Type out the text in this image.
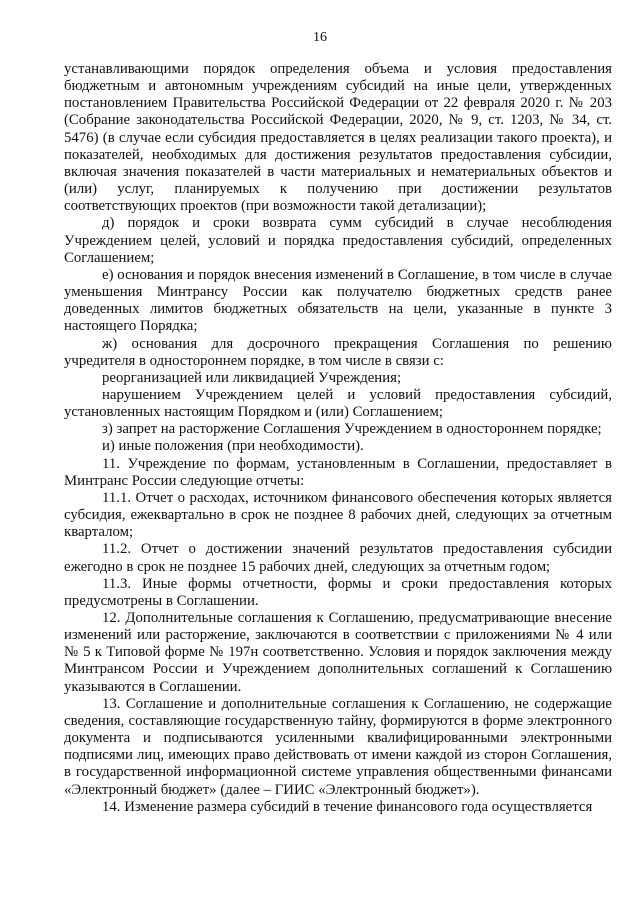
16

устанавливающими порядок определения объема и условия предоставления бюджетным и автономным учреждениям субсидий на иные цели, утвержденных постановлением Правительства Российской Федерации от 22 февраля 2020 г. № 203 (Собрание законодательства Российской Федерации, 2020, № 9, ст. 1203, № 34, ст. 5476) (в случае если субсидия предоставляется в целях реализации такого проекта), и показателей, необходимых для достижения результатов предоставления субсидии, включая значения показателей в части материальных и нематериальных объектов и (или) услуг, планируемых к получению при достижении результатов соответствующих проектов (при возможности такой детализации);

д) порядок и сроки возврата сумм субсидий в случае несоблюдения Учреждением целей, условий и порядка предоставления субсидий, определенных Соглашением;

е) основания и порядок внесения изменений в Соглашение, в том числе в случае уменьшения Минтрансу России как получателю бюджетных средств ранее доведенных лимитов бюджетных обязательств на цели, указанные в пункте 3 настоящего Порядка;

ж) основания для досрочного прекращения Соглашения по решению учредителя в одностороннем порядке, в том числе в связи с:

реорганизацией или ликвидацией Учреждения;

нарушением Учреждением целей и условий предоставления субсидий, установленных настоящим Порядком и (или) Соглашением;

з) запрет на расторжение Соглашения Учреждением в одностороннем порядке;

и) иные положения (при необходимости).

11. Учреждение по формам, установленным в Соглашении, предоставляет в Минтранс России следующие отчеты:

11.1. Отчет о расходах, источником финансового обеспечения которых является субсидия, ежеквартально в срок не позднее 8 рабочих дней, следующих за отчетным кварталом;

11.2. Отчет о достижении значений результатов предоставления субсидии ежегодно в срок не позднее 15 рабочих дней, следующих за отчетным годом;

11.3. Иные формы отчетности, формы и сроки предоставления которых предусмотрены в Соглашении.

12. Дополнительные соглашения к Соглашению, предусматривающие внесение изменений или расторжение, заключаются в соответствии с приложениями № 4 или № 5 к Типовой форме № 197н соответственно. Условия и порядок заключения между Минтрансом России и Учреждением дополнительных соглашений к Соглашению указываются в Соглашении.

13. Соглашение и дополнительные соглашения к Соглашению, не содержащие сведения, составляющие государственную тайну, формируются в форме электронного документа и подписываются усиленными квалифицированными электронными подписями лиц, имеющих право действовать от имени каждой из сторон Соглашения, в государственной информационной системе управления общественными финансами «Электронный бюджет» (далее – ГИИС «Электронный бюджет»).

14. Изменение размера субсидий в течение финансового года осуществляется
